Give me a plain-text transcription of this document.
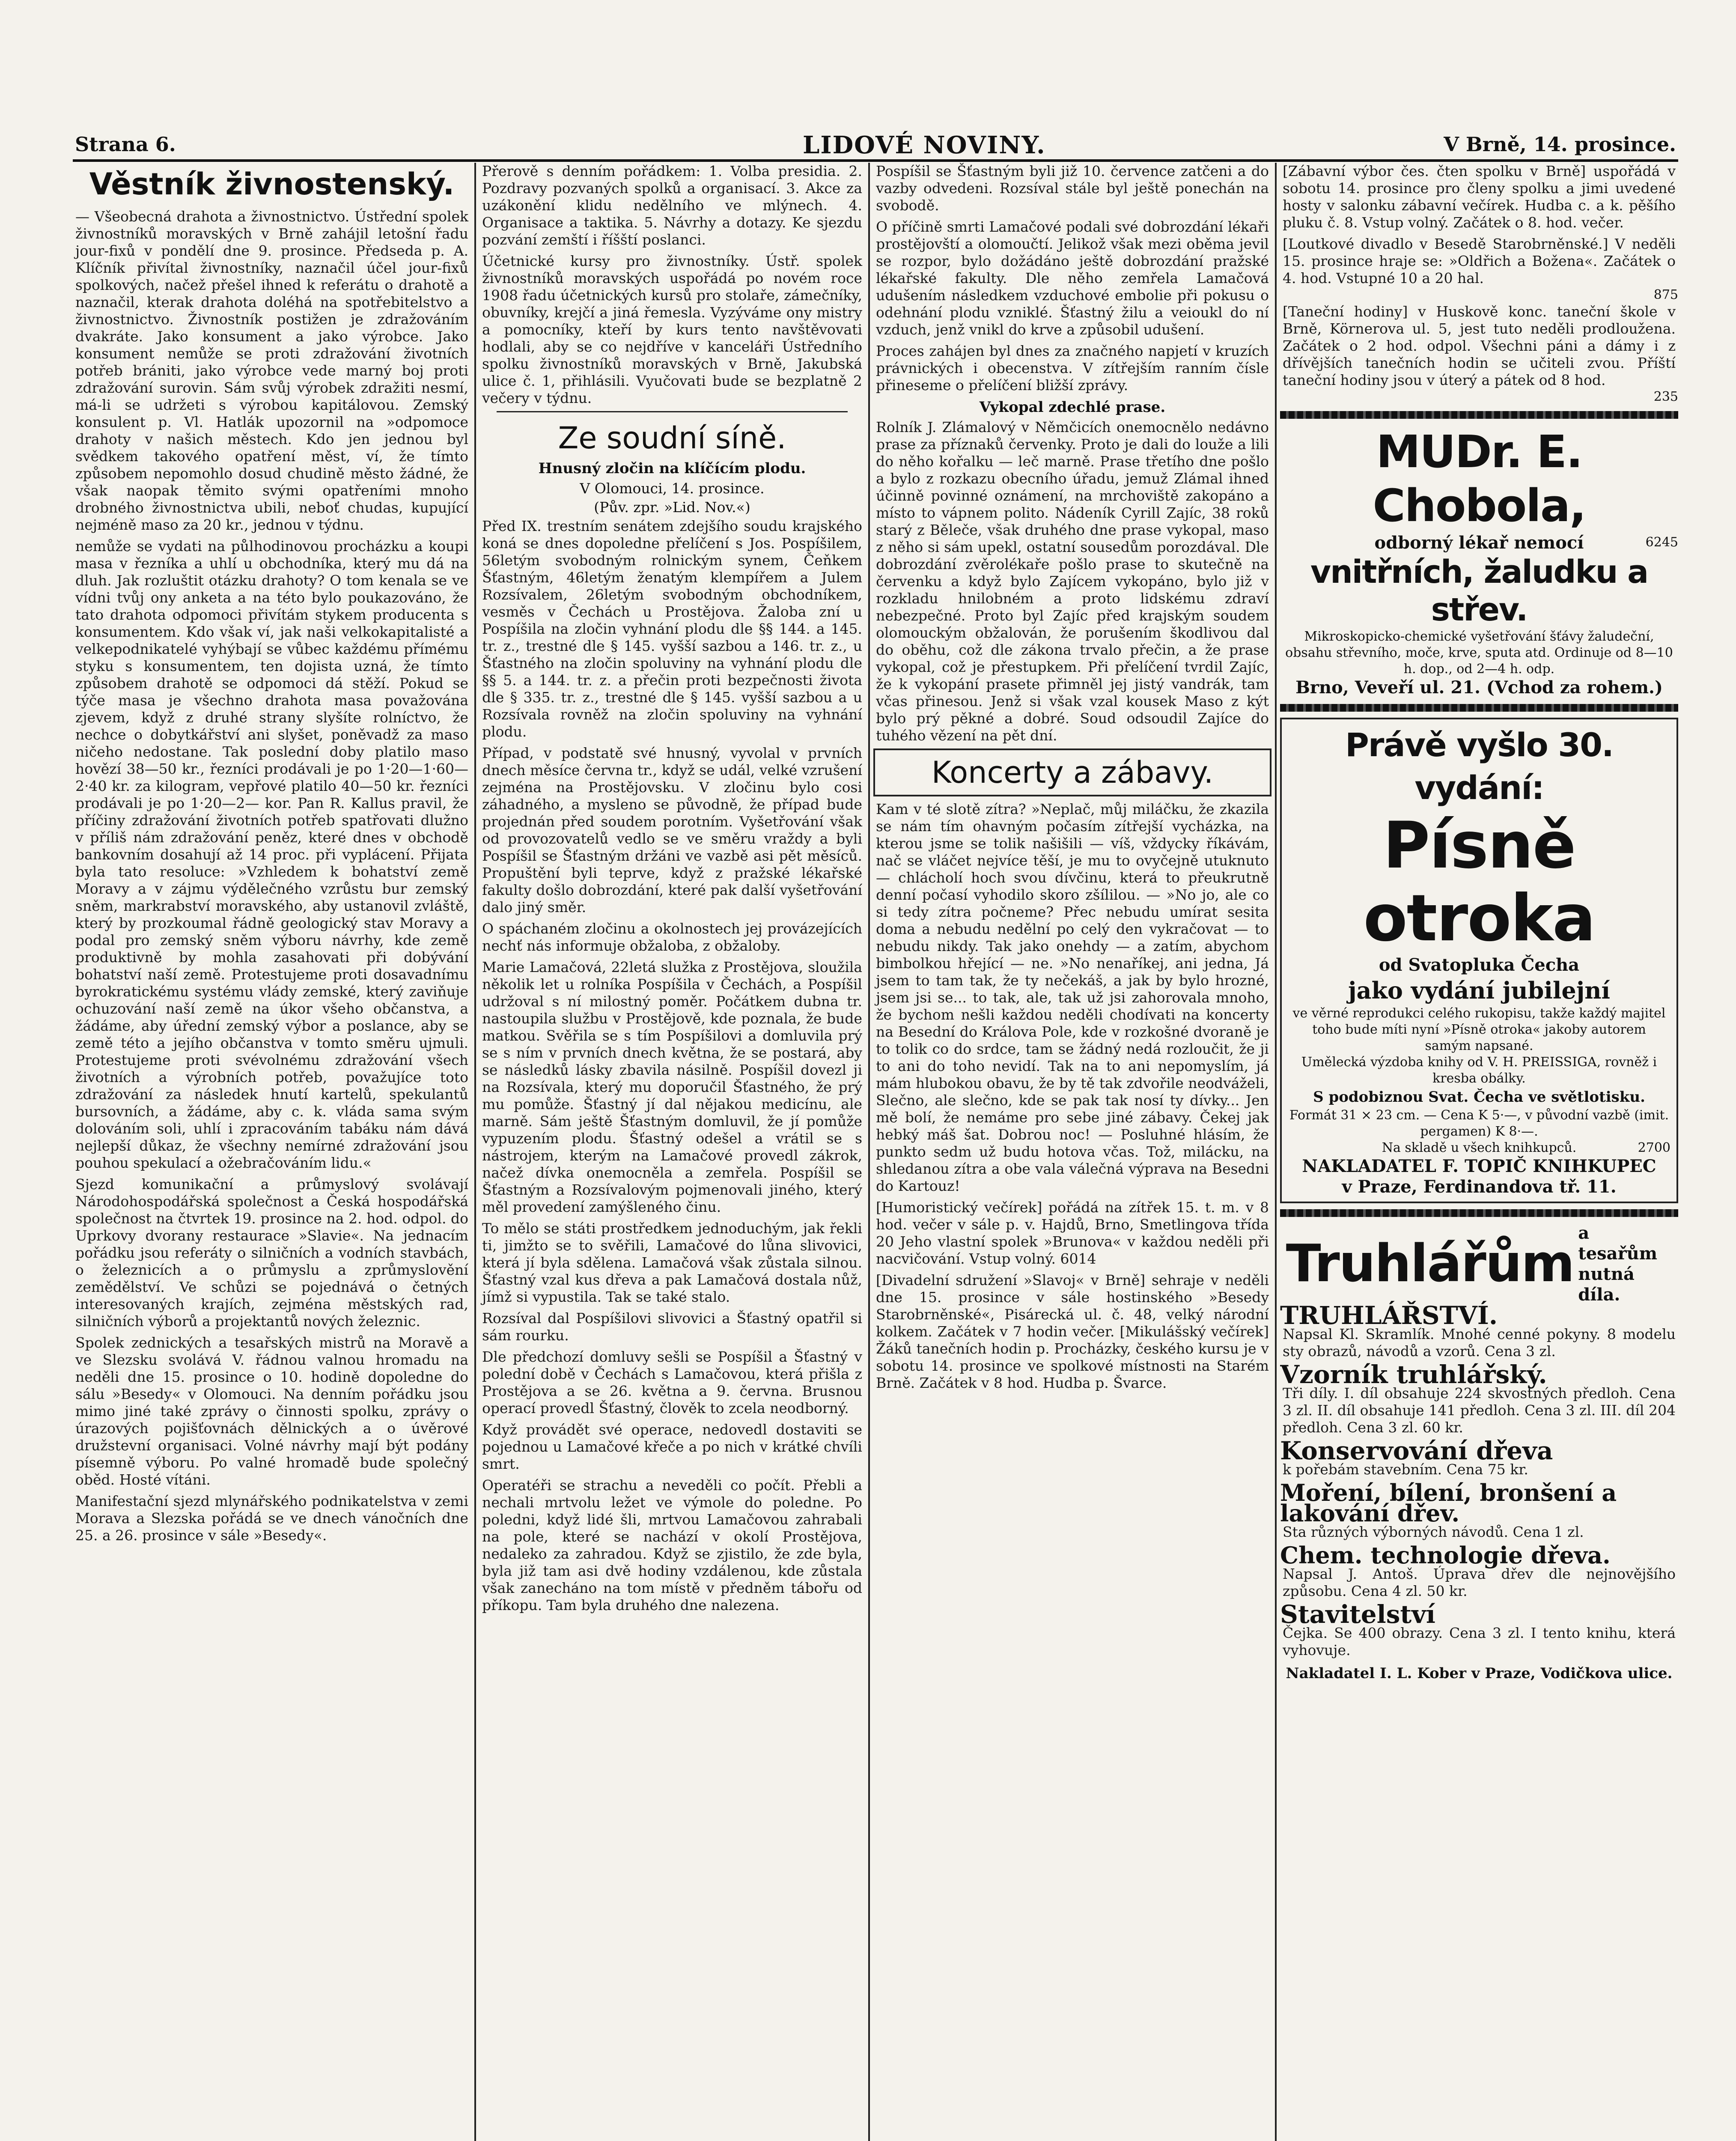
Strana 6.	LIDOVÉ NOVINY.	V Brně, 14. prosince.
Věstník živnostenský.

— Všeobecná drahota a živnostnictvo. Ústřední spolek živnostníků moravských v Brně zahájil letošní řadu jour-fixů v pondělí dne 9. prosince. Předseda p. A. Klíčník přivítal živnostníky, naznačil účel jour-fixů spolkových, načež přešel ihned k referátu o drahotě a naznačil, kterak drahota doléhá na spotřebitelstvo a živnostnictvo. Živnostník postižen je zdražováním dvakráte. Jako konsument a jako výrobce. Jako konsument nemůže se proti zdražování životních potřeb brániti, jako výrobce vede marný boj proti zdražování surovin. Sám svůj výrobek zdražiti nesmí, má-li se udržeti s výrobou kapitálovou. Zemský konsulent p. Vl. Hatlák upozornil na »odpomoce drahoty v našich městech. Kdo jen jednou byl svědkem takového opatření měst, ví, že tímto způsobem nepomohlo dosud chudině město žádné, že však naopak těmito svými opatřeními mnoho drobného živnostnictva ubili, neboť chudas, kupující nejméně maso za 20 kr., jednou v týdnu.

nemůže se vydati na půlhodinovou procházku a koupi masa v řezníka a uhlí u obchodníka, který mu dá na dluh. Jak rozluštit otázku drahoty? O tom kenala se ve vídni tvůj ony anketa a na této bylo poukazováno, že tato drahota odpomoci přivítám stykem producenta s konsumentem. Kdo však ví, jak naši velkokapitalisté a velkepodnikatelé vyhýbají se vůbec každému přímému styku s konsumentem, ten dojista uzná, že tímto způsobem drahotě se odpomoci dá stěží. Pokud se týče masa je všechno drahota masa považována zjevem, když z druhé strany slyšíte rolníctvo, že nechce o dobytkářství ani slyšet, poněvadž za maso ničeho nedostane. Tak poslední doby platilo maso hovězí 38—50 kr., řezníci prodávali je po 1·20—1·60—2·40 kr. za kilogram, vepřové platilo 40—50 kr. řezníci prodávali je po 1·20—2— kor. Pan R. Kallus pravil, že příčiny zdražování životních potřeb spatřovati dlužno v příliš nám zdražování peněz, které dnes v obchodě bankovním dosahují až 14 proc. při vyplácení. Přijata byla tato resoluce: »Vzhledem k bohatství země Moravy a v zájmu výdělečného vzrůstu bur zemský sněm, markrabství moravského, aby ustanovil zvláště, který by prozkoumal řádně geologický stav Moravy a podal pro zemský sněm výboru návrhy, kde země produktivně by mohla zasahovati při dobývání bohatství naší země. Protestujeme proti dosavadnímu byrokratickému systému vlády zemské, který zaviňuje ochuzování naší země na úkor všeho občanstva, a žádáme, aby úřední zemský výbor a poslance, aby se země této a jejího občanstva v tomto směru ujmuli. Protestujeme proti svévolnému zdražování všech životních a výrobních potřeb, považujíce toto zdražování za následek hnutí kartelů, spekulantů bursovních, a žádáme, aby c. k. vláda sama svým dolováním soli, uhlí i zpracováním tabáku nám dává nejlepší důkaz, že všechny nemírné zdražování jsou pouhou spekulací a ožebračováním lidu.«

Sjezd komunikační a průmyslový svolávají Národohospodářská společnost a Česká hospodářská společnost na čtvrtek 19. prosince na 2. hod. odpol. do Uprkovy dvorany restaurace »Slavie«. Na jednacím pořádku jsou referáty o silničních a vodních stavbách, o železnicích a o průmyslu a zprůmyslovění zemědělství. Ve schůzi se pojednává o četných interesovaných krajích, zejména městských rad, silničních výborů a projektantů nových železnic.

Spolek zednických a tesařských mistrů na Moravě a ve Slezsku svolává V. řádnou valnou hromadu na neděli dne 15. prosince o 10. hodině dopoledne do sálu »Besedy« v Olomouci. Na denním pořádku jsou mimo jiné také zprávy o činnosti spolku, zprávy o úrazových pojišťovnách dělnických a o úvěrové družstevní organisaci. Volné návrhy mají být podány písemně výboru. Po valné hromadě bude společný oběd. Hosté vítáni.

Manifestační sjezd mlynářského podnikatelstva v zemi Morava a Slezska pořádá se ve dnech vánočních dne 25. a 26. prosince v sále »Besedy«.

Přerově s denním pořádkem: 1. Volba presidia. 2. Pozdravy pozvaných spolků a organisací. 3. Akce za uzákonění klidu nedělního ve mlýnech. 4. Organisace a taktika. 5. Návrhy a dotazy. Ke sjezdu pozvání zemští i říšští poslanci.

Účetnické kursy pro živnostníky. Ústř. spolek živnostníků moravských uspořádá po novém roce 1908 řadu účetnických kursů pro stolaře, zámečníky, obuvníky, krejčí a jiná řemesla. Vyzýváme ony mistry a pomocníky, kteří by kurs tento navštěvovati hodlali, aby se co nejdříve v kanceláři Ústředního spolku živnostníků moravských v Brně, Jakubská ulice č. 1, přihlásili. Vyučovati bude se bezplatně 2 večery v týdnu.

Ze soudní síně.
Hnusný zločin na klíčícím plodu.
V Olomouci, 14. prosince.
(Pův. zpr. »Lid. Nov.«)

Před IX. trestním senátem zdejšího soudu krajského koná se dnes dopoledne přelíčení s Jos. Pospíšilem, 56letým svobodným rolnickým synem, Čeňkem Šťastným, 46letým ženatým klempířem a Julem Rozsívalem, 26letým svobodným obchodníkem, vesměs v Čechách u Prostějova. Žaloba zní u Pospíšila na zločin vyhnání plodu dle §§ 144. a 145. tr. z., trestné dle § 145. vyšší sazbou a 146. tr. z., u Šťastného na zločin spoluviny na vyhnání plodu dle §§ 5. a 144. tr. z. a přečin proti bezpečnosti života dle § 335. tr. z., trestné dle § 145. vyšší sazbou a u Rozsívala rovněž na zločin spoluviny na vyhnání plodu.

Případ, v podstatě své hnusný, vyvolal v prvních dnech měsíce června tr., když se udál, velké vzrušení zejména na Prostějovsku. V zločinu bylo cosi záhadného, a mysleno se původně, že případ bude projednán před soudem porotním. Vyšetřování však od provozovatelů vedlo se ve směru vraždy a byli Pospíšil se Šťastným držáni ve vazbě asi pět měsíců. Propuštění byli teprve, když z pražské lékařské fakulty došlo dobrozdání, které pak další vyšetřování dalo jiný směr.

O spáchaném zločinu a okolnostech jej provázejících nechť nás informuje obžaloba, z obžaloby.

Marie Lamačová, 22letá služka z Prostějova, sloužila několik let u rolníka Pospíšila v Čechách, a Pospíšil udržoval s ní milostný poměr. Počátkem dubna tr. nastoupila službu v Prostějově, kde poznala, že bude matkou. Svěřila se s tím Pospíšilovi a domluvila prý se s ním v prvních dnech května, že se postará, aby se následků lásky zbavila násilně. Pospíšil dovezl ji na Rozsívala, který mu doporučil Šťastného, že prý mu pomůže. Šťastný jí dal nějakou medicínu, ale marně. Sám ještě Šťastným domluvil, že jí pomůže vypuzením plodu. Šťastný odešel a vrátil se s nástrojem, kterým na Lamačové provedl zákrok, načež dívka onemocněla a zemřela. Pospíšil se Šťastným a Rozsívalovým pojmenovali jiného, který měl provedení zamýšleného činu.

To mělo se státi prostředkem jednoduchým, jak řekli ti, jimžto se to svěřili, Lamačové do lůna slivovici, která jí byla sdělena. Lamačová však zůstala silnou. Šťastný vzal kus dřeva a pak Lamačová dostala nůž, jímž si vypustila. Tak se také stalo.

Rozsíval dal Pospíšilovi slivovici a Šťastný opatřil si sám rourku.

Dle předchozí domluvy sešli se Pospíšil a Šťastný v polední době v Čechách s Lamačovou, která přišla z Prostějova a se 26. května a 9. června. Brusnou operací provedl Šťastný, člověk to zcela neodborný.

Když provádět své operace, nedovedl dostaviti se pojednou u Lamačové křeče a po nich v krátké chvíli smrt.

Operatéři se strachu a neveděli co počít. Přebli a nechali mrtvolu ležet ve výmole do poledne. Po poledni, když lidé šli, mrtvou Lamačovou zahrabali na pole, které se nachází v okolí Prostějova, nedaleko za zahradou. Když se zjistilo, že zde byla, byla již tam asi dvě hodiny vzdálenou, kde zůstala však zanecháno na tom místě v předněm tábořu od příkopu. Tam byla druhého dne nalezena.

Pospíšil se Šťastným byli již 10. července zatčeni a do vazby odvedeni. Rozsíval stále byl ještě ponechán na svobodě.

O příčině smrti Lamačové podali své dobrozdání lékaři prostějovští a olomoučtí. Jelikož však mezi oběma jevil se rozpor, bylo dožádáno ještě dobrozdání pražské lékařské fakulty. Dle něho zemřela Lamačová udušením následkem vzduchové embolie při pokusu o odehnání plodu vzniklé. Šťastný žilu a veioukl do ní vzduch, jenž vnikl do krve a způsobil udušení.

Proces zahájen byl dnes za značného napjetí v kruzích právnických i obecenstva. V zítřejším ranním čísle přineseme o přelíčení bližší zprávy.

Vykopal zdechlé prase.

Rolník J. Zlámalový v Němčicích onemocnělo nedávno prase za příznaků červenky. Proto je dali do louže a lili do něho kořalku — leč marně. Prase třetího dne pošlo a bylo z rozkazu obecního úřadu, jemuž Zlámal ihned účinně povinné oznámení, na mrchoviště zakopáno a místo to vápnem polito. Nádeník Cyrill Zajíc, 38 roků starý z Běleče, však druhého dne prase vykopal, maso z něho si sám upekl, ostatní sousedům porozdával. Dle dobrozdání zvěrolékaře pošlo prase to skutečně na červenku a když bylo Zajícem vykopáno, bylo již v rozkladu hnilobném a proto lidskému zdraví nebezpečné. Proto byl Zajíc před krajským soudem olomouckým obžalován, že porušením škodlivou dal do oběhu, což dle zákona trvalo přečin, a že prase vykopal, což je přestupkem. Při přelíčení tvrdil Zajíc, že k vykopání prasete přimněl jej jistý vandrák, tam včas přinesou. Jenž si však vzal kousek Maso z kýt bylo prý pěkné a dobré. Soud odsoudil Zajíce do tuhého vězení na pět dní.

Koncerty a zábavy.

Kam v té slotě zítra? »Neplač, můj miláčku, že zkazila se nám tím ohavným počasím zítřejší vycházka, na kterou jsme se tolik našišili — víš, vždycky říkávám, nač se vláčet nejvíce těší, je mu to ovyčejně utuknuto — chlácholí hoch svou dívčinu, která to přeukrutně denní počasí vyhodilo skoro zšílilou. — »No jo, ale co si tedy zítra počneme? Přec nebudu umírat sesita doma a nebudu nedělní po celý den vykračovat — to nebudu nikdy. Tak jako onehdy — a zatím, abychom bimbolkou hřející — ne. »No nenaříkej, ani jedna, Já jsem to tam tak, že ty nečekáš, a jak by bylo hrozné, jsem jsi se... to tak, ale, tak už jsi zahorovala mnoho, že bychom nešli každou neděli chodívati na koncerty na Besední do Králova Pole, kde v rozkošné dvoraně je to tolik co do srdce, tam se žádný nedá rozloučit, že ji to ani do toho nevidí. Tak na to ani nepomyslím, já mám hlubokou obavu, že by tě tak zdvořile neodváželi, Slečno, ale slečno, kde se pak tak nosí ty dívky... Jen mě bolí, že nemáme pro sebe jiné zábavy. Čekej jak hebký máš šat. Dobrou noc! — Posluhné hlásím, že punkto sedm už budu hotova včas. Tož, milácku, na shledanou zítra a obe vala válečná výprava na Besedni do Kartouz!

[Humoristický večírek] pořádá na zítřek 15. t. m. v 8 hod. večer v sále p. v. Hajdů, Brno, Smetlingova třída 20 Jeho vlastní spolek »Brunova« v každou neděli při nacvičování. Vstup volný. 6014

[Divadelní sdružení »Slavoj« v Brně] sehraje v neděli dne 15. prosince v sále hostinského »Besedy Starobrněnské«, Pisárecká ul. č. 48, velký národní kolkem. Začátek v 7 hodin večer. [Mikulášský večírek] Žáků tanečních hodin p. Procházky, českého kursu je v sobotu 14. prosince ve spolkové místnosti na Starém Brně. Začátek v 8 hod. Hudba p. Švarce.

[Zábavní výbor čes. čten spolku v Brně] uspořádá v sobotu 14. prosince pro členy spolku a jimi uvedené hosty v salonku zábavní večírek. Hudba c. a k. pěšího pluku č. 8. Vstup volný. Začátek o 8. hod. večer.

[Loutkové divadlo v Besedě Starobrněnské.] V neděli 15. prosince hraje se: »Oldřich a Božena«. Začátek o 4. hod. Vstupné 10 a 20 hal.

875

[Taneční hodiny] v Huskově konc. taneční škole v Brně, Körnerova ul. 5, jest tuto neděli prodloužena. Začátek o 2 hod. odpol. Všechni páni a dámy i z dřívějších tanečních hodin se učiteli zvou. Příští taneční hodiny jsou v úterý a pátek od 8 hod.

235
MUDr. E. Chobola,
odborný lékař nemocí	6245
vnitřních, žaludku a střev.
Mikroskopicko-chemické vyšetřování šťávy žaludeční, obsahu střevního, moče, krve, sputa atd. Ordinuje od 8—10 h. dop., od 2—4 h. odp.
Brno, Veveří ul. 21. (Vchod za rohem.)
Právě vyšlo 30. vydání:
Písně otroka
od Svatopluka Čecha
jako vydání jubilejní
ve věrné reprodukci celého rukopisu, takže každý majitel toho bude míti nyní »Písně otroka« jakoby autorem samým napsané.
Umělecká výzdoba knihy od V. H. PREISSIGA, rovněž i kresba obálky.
S podobiznou Svat. Čecha ve světlotisku.
Formát 31 × 23 cm. — Cena K 5·—, v původní vazbě (imit. pergamen) K 8·—.
Na skladě u všech knihkupců.	2700
NAKLADATEL F. TOPIČ KNIHKUPEC
v Praze, Ferdinandova tř. 11.
Truhlářům
a tesařům nutná díla.
TRUHLÁŘSTVÍ.
Napsal Kl. Skramlík. Mnohé cenné pokyny. 8 modelu sty obrazů, návodů a vzorů. Cena 3 zl.
Vzorník truhlářský.
Tři díly. I. díl obsahuje 224 skvostných předloh. Cena 3 zl. II. díl obsahuje 141 předloh. Cena 3 zl. III. díl 204 předloh. Cena 3 zl. 60 kr.
Konservování dřeva
k pořebám stavebním. Cena 75 kr.
Moření, bílení, bronšení a lakování dřev.
Sta různých výborných návodů. Cena 1 zl.
Chem. technologie dřeva.
Napsal J. Antoš. Úprava dřev dle nejnovějšího způsobu. Cena 4 zl. 50 kr.
Stavitelství
Čejka. Se 400 obrazy. Cena 3 zl. I tento knihu, která vyhovuje.
Nakladatel I. L. Kober v Praze, Vodičkova ulice.
